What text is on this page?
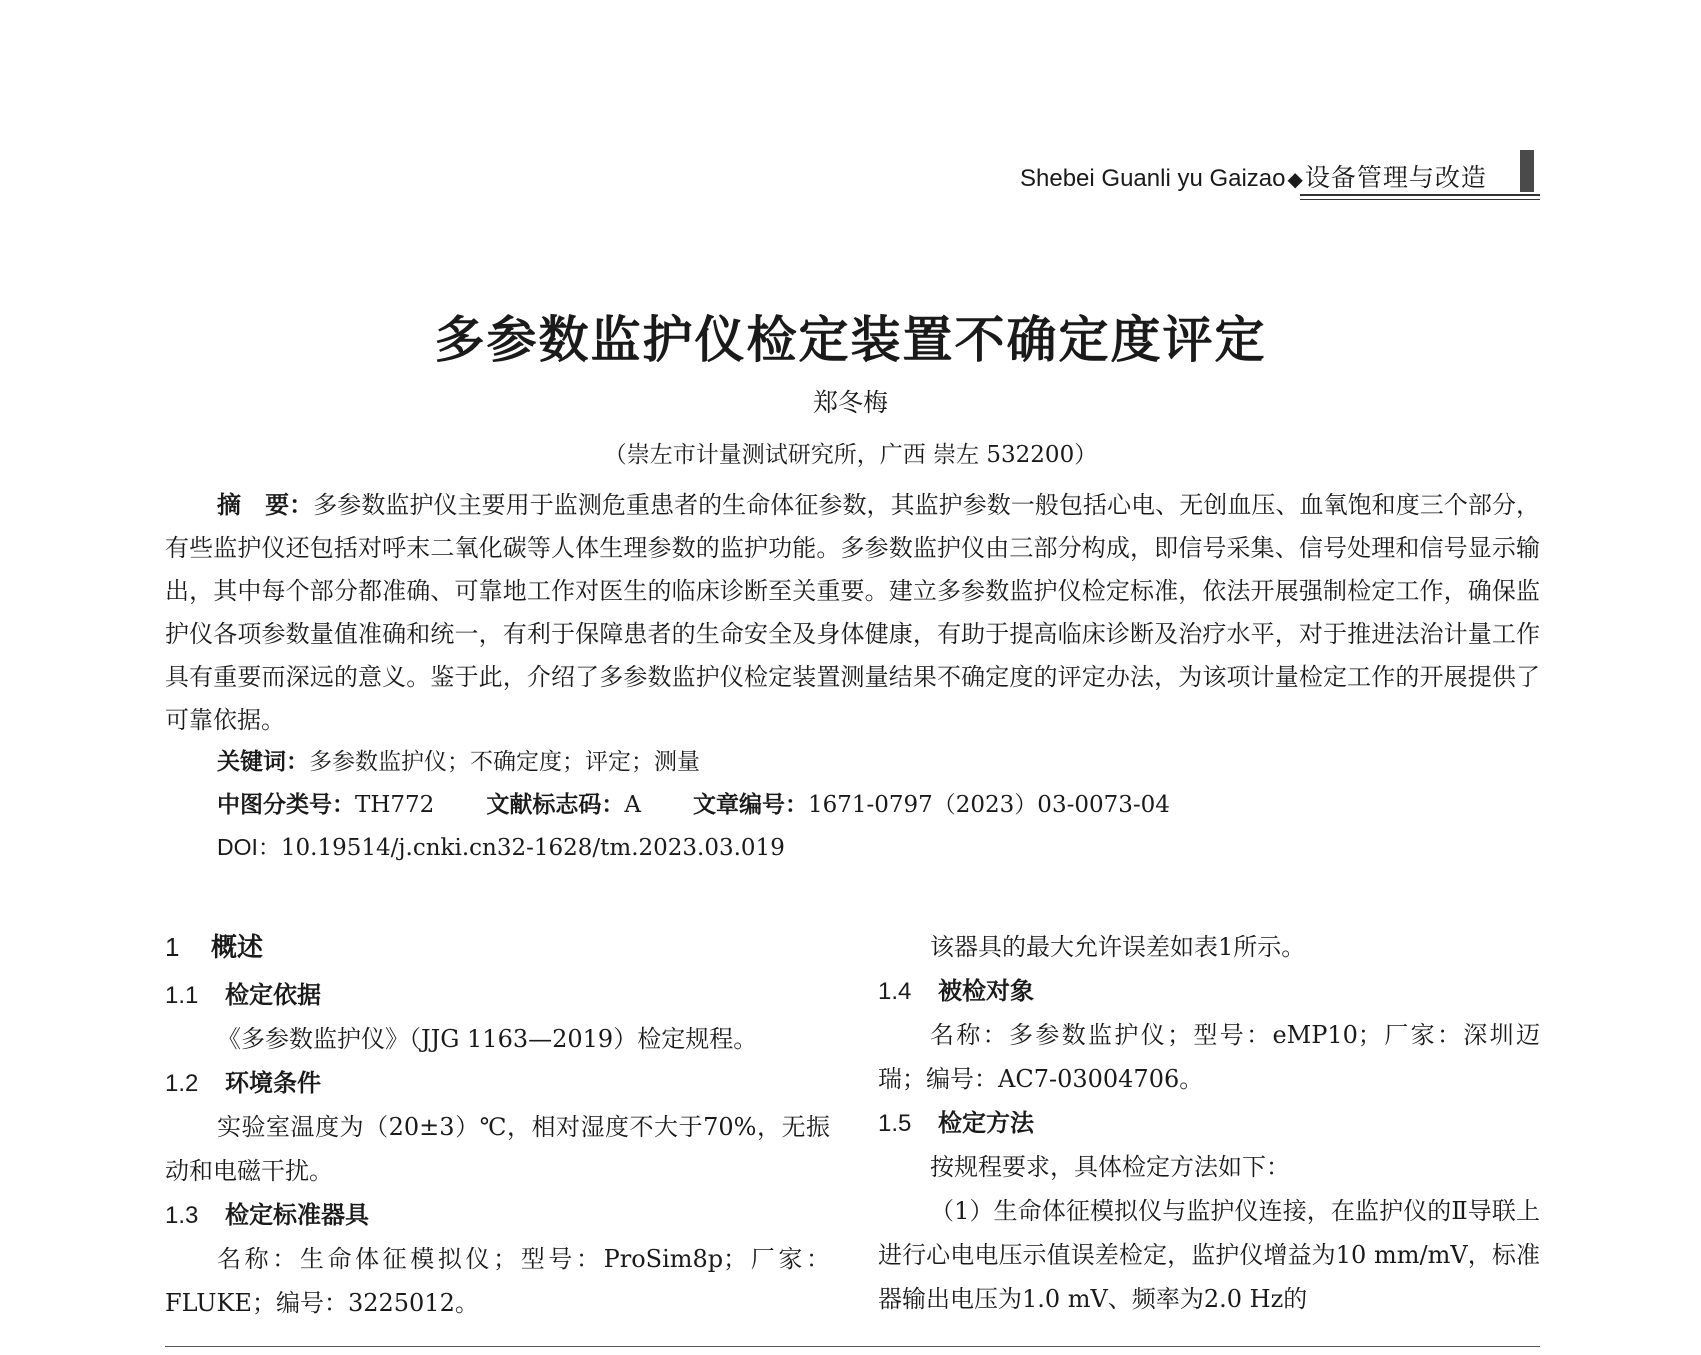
Shebei Guanli yu Gaizao ◆设备管理与改造
多参数监护仪检定装置不确定度评定
郑冬梅
（崇左市计量测试研究所，广西 崇左 532200）
摘　要：多参数监护仪主要用于监测危重患者的生命体征参数，其监护参数一般包括心电、无创血压、血氧饱和度三个部分，有些监护仪还包括对呼末二氧化碳等人体生理参数的监护功能。多参数监护仪由三部分构成，即信号采集、信号处理和信号显示输出，其中每个部分都准确、可靠地工作对医生的临床诊断至关重要。建立多参数监护仪检定标准，依法开展强制检定工作，确保监护仪各项参数量值准确和统一，有利于保障患者的生命安全及身体健康，有助于提高临床诊断及治疗水平，对于推进法治计量工作具有重要而深远的意义。鉴于此，介绍了多参数监护仪检定装置测量结果不确定度的评定办法，为该项计量检定工作的开展提供了可靠依据。
关键词：多参数监护仪；不确定度；评定；测量
中图分类号：TH772 文献标志码：A 文章编号：1671-0797（2023）03-0073-04
DOI：10.19514/j.cnki.cn32-1628/tm.2023.03.019
1 概述
1.1 检定依据
《多参数监护仪》（JJG 1163—2019）检定规程。
1.2 环境条件
实验室温度为（20±3）℃，相对湿度不大于70%，无振动和电磁干扰。
1.3 检定标准器具
名称：生命体征模拟仪；型号：ProSim8p；厂家：FLUKE；编号：3225012。
该器具的最大允许误差如表1所示。
1.4 被检对象
名称：多参数监护仪；型号：eMP10；厂家：深圳迈瑞；编号：AC7-03004706。
1.5 检定方法
按规程要求，具体检定方法如下：
（1）生命体征模拟仪与监护仪连接，在监护仪的Ⅱ导联上进行心电电压示值误差检定，监护仪增益为10 mm/mV，标准器输出电压为1.0 mV、频率为2.0 Hz的
